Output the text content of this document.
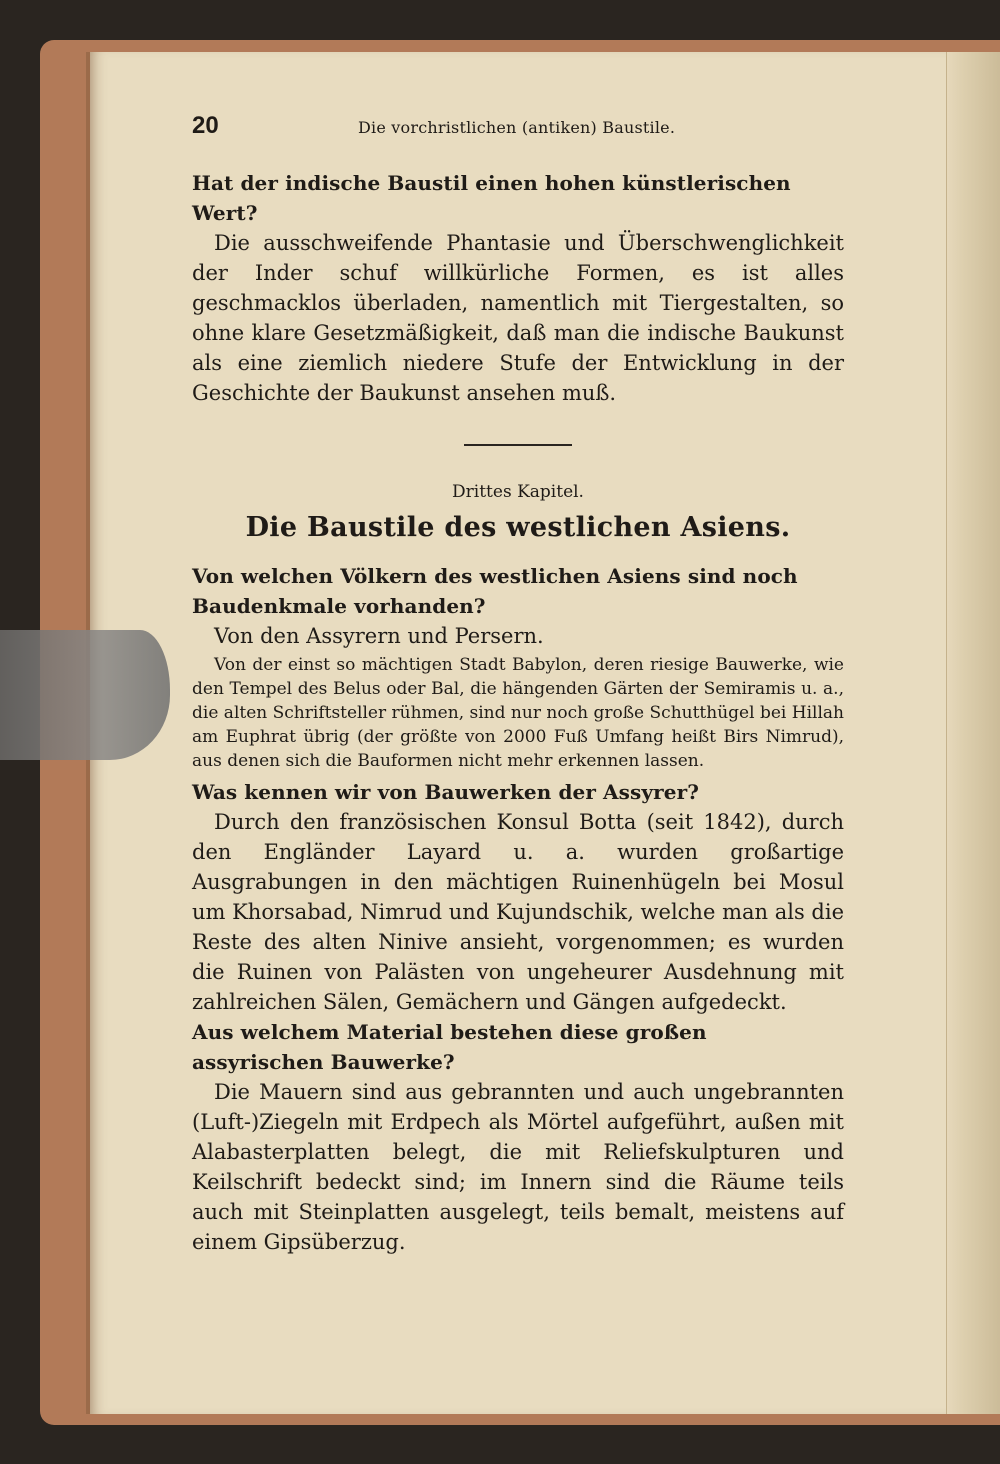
20	Die vorchristlichen (antiken) Baustile.

Hat der indische Baustil einen hohen künstlerischen Wert?

Die ausschweifende Phantasie und Überschwenglichkeit der Inder schuf willkürliche Formen, es ist alles geschmacklos überladen, namentlich mit Tiergestalten, so ohne klare Gesetzmäßigkeit, daß man die indische Baukunst als eine ziemlich niedere Stufe der Entwicklung in der Geschichte der Baukunst ansehen muß.

Drittes Kapitel.
Die Baustile des westlichen Asiens.

Von welchen Völkern des westlichen Asiens sind noch Baudenkmale vorhanden?

Von den Assyrern und Persern.

Von der einst so mächtigen Stadt Babylon, deren riesige Bauwerke, wie den Tempel des Belus oder Bal, die hängenden Gärten der Semiramis u. a., die alten Schriftsteller rühmen, sind nur noch große Schutthügel bei Hillah am Euphrat übrig (der größte von 2000 Fuß Umfang heißt Birs Nimrud), aus denen sich die Bauformen nicht mehr erkennen lassen.

Was kennen wir von Bauwerken der Assyrer?

Durch den französischen Konsul Botta (seit 1842), durch den Engländer Layard u. a. wurden großartige Ausgrabungen in den mächtigen Ruinenhügeln bei Mosul um Khorsabad, Nimrud und Kujundschik, welche man als die Reste des alten Ninive ansieht, vorgenommen; es wurden die Ruinen von Palästen von ungeheurer Ausdehnung mit zahlreichen Sälen, Gemächern und Gängen aufgedeckt.

Aus welchem Material bestehen diese großen assyrischen Bauwerke?

Die Mauern sind aus gebrannten und auch ungebrannten (Luft-)Ziegeln mit Erdpech als Mörtel aufgeführt, außen mit Alabasterplatten belegt, die mit Reliefskulpturen und Keilschrift bedeckt sind; im Innern sind die Räume teils auch mit Steinplatten ausgelegt, teils bemalt, meistens auf einem Gipsüberzug.
